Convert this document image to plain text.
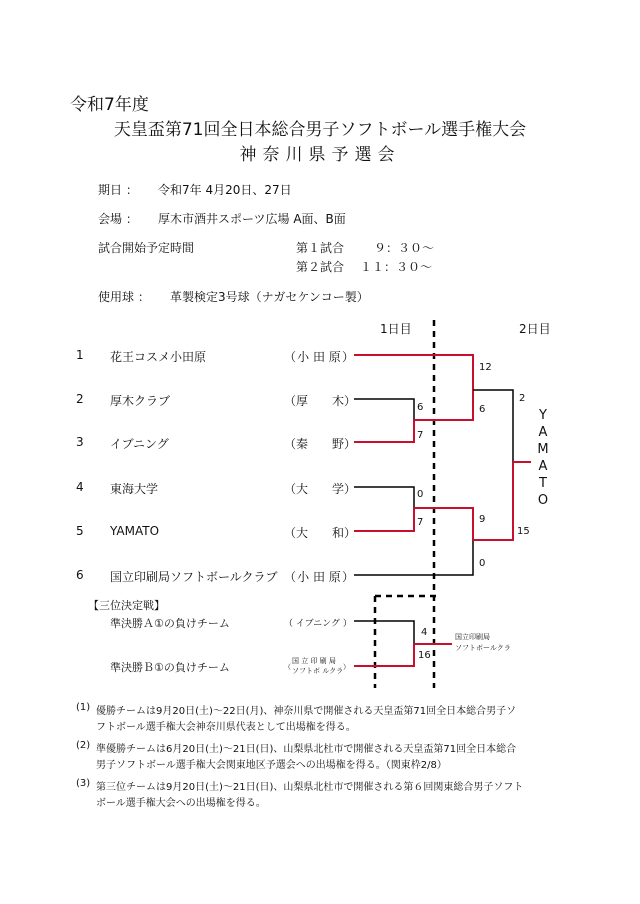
令和7年度
天皇盃第71回全日本総合男子ソフトボール選手権大会
神奈川県予選会
期日 ： 令和7年 4月20日、27日
会場 ： 厚木市酒井スポーツ広場 A面、B面
試合開始予定時間	第１試合 ９：３０～
第２試合 １１：３０～
使用球 ： 革製検定3号球（ナガセケンコー製）
1日目	2日目
1 花王コスメ小田原	（ 小 田 原 ）
2 厚木クラブ	（ 厚　　木 ）
3 イブニング	（ 秦　　野 ）
4 東海大学	（ 大　　学 ）
5 YAMATO	（ 大　　和 ）
6 国立印刷局ソフトボールクラブ （ 小 田 原 ）
6
7
0
7
12
6
9
0
2
15
Y
A
M
A
T
O
【三位決定戦】
準決勝Ａ①の負けチーム	（ イブニング ）
準決勝Ｂ①の負けチーム	（
国 立 印 刷 局
ソフトボ ルクラ ）
4
16
国立印刷局
ソフトボールクラ
(1) 優勝チームは9月20日(土)～22日(月)、神奈川県で開催される天皇盃第71回全日本総合男子ソ
フトボール選手権大会神奈川県代表として出場権を得る。
(2) 準優勝チームは6月20日(土)～21日(日)、山梨県北杜市で開催される天皇盃第71回全日本総合
男子ソフトボール選手権大会関東地区予選会への出場権を得る。（関東枠2/8）
(3) 第三位チームは9月20日(土)～21日(日)、山梨県北杜市で開催される第６回関東総合男子ソフト
ボール選手権大会への出場権を得る。
